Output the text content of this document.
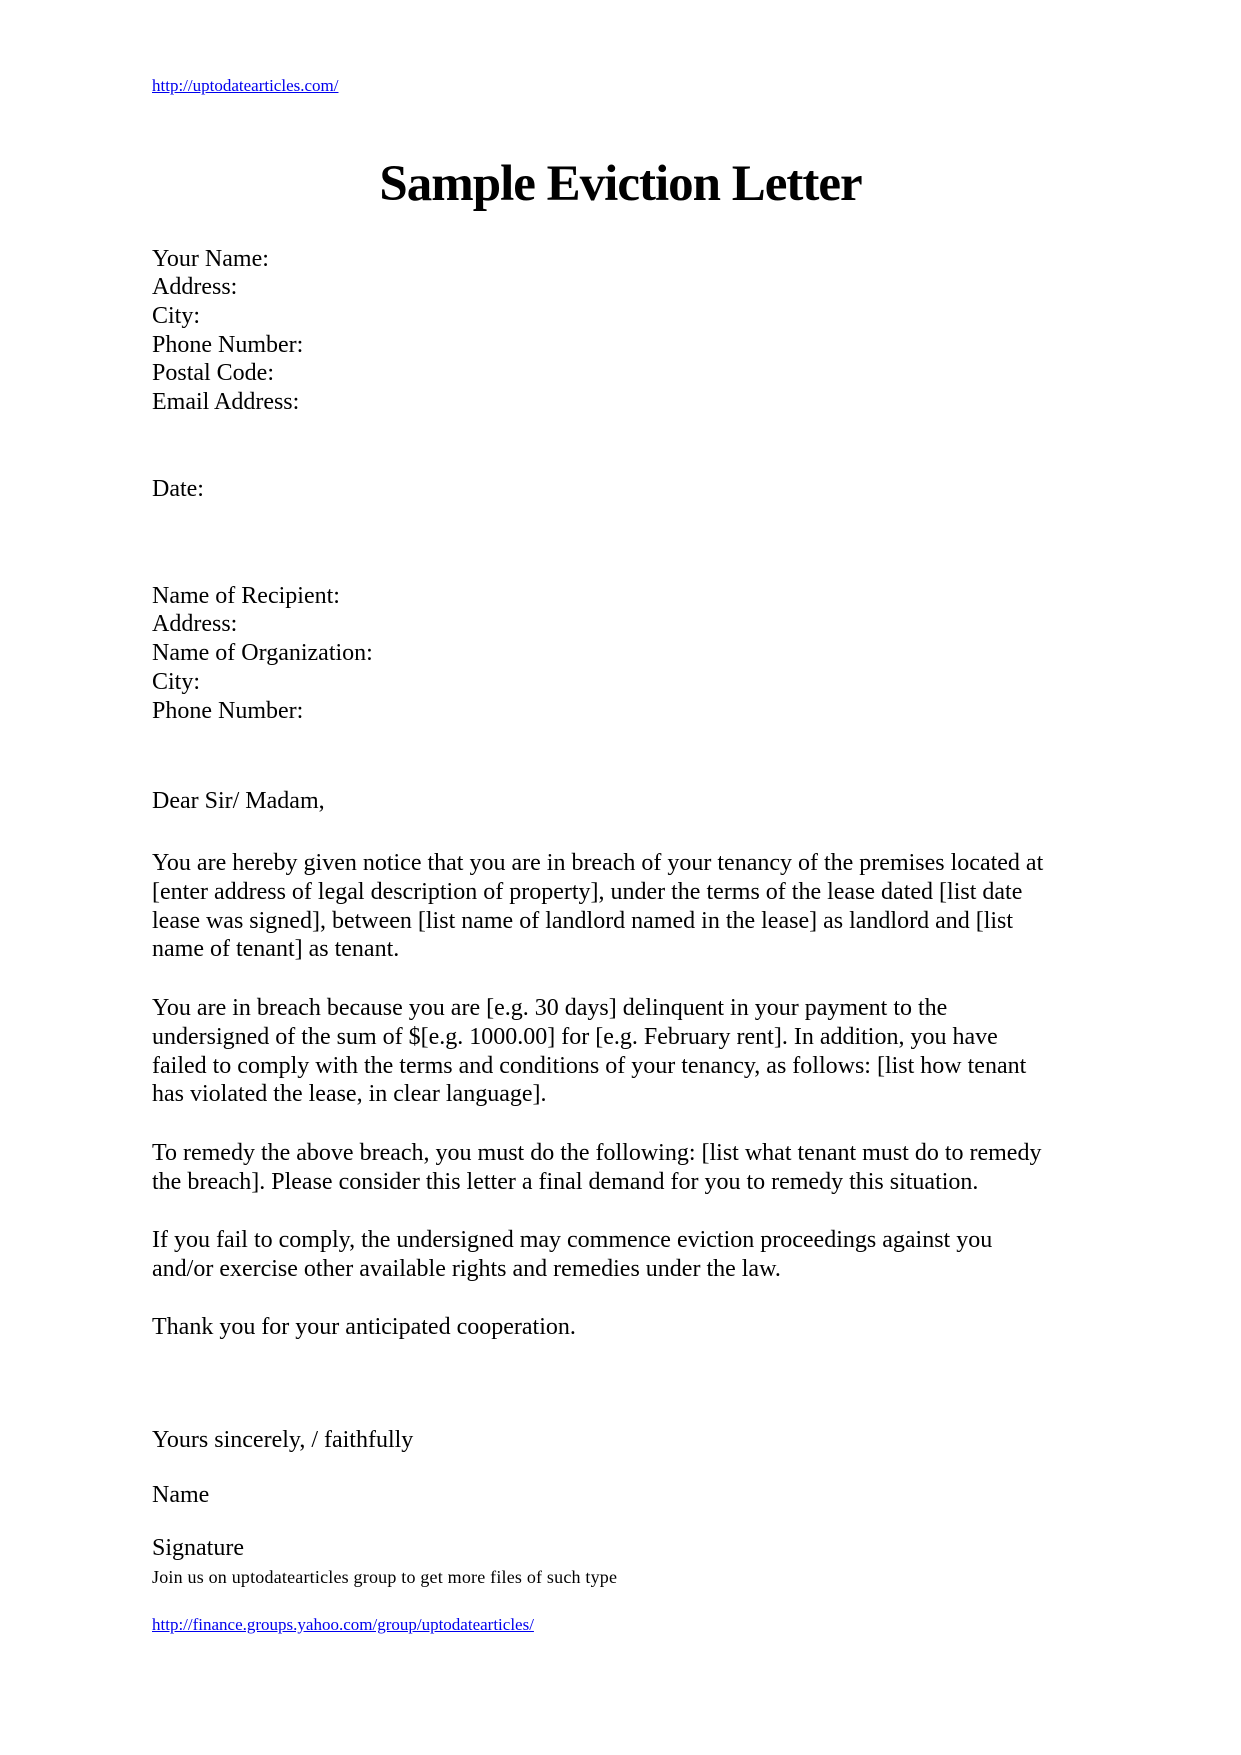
http://uptodatearticles.com/
Sample Eviction Letter
Your Name:
Address:
City:
Phone Number:
Postal Code:
Email Address:
Date:
Name of Recipient:
Address:
Name of Organization:
City:
Phone Number:
Dear Sir/ Madam,
You are hereby given notice that you are in breach of your tenancy of the premises located at
[enter address of legal description of property], under the terms of the lease dated [list date
lease was signed], between [list name of landlord named in the lease] as landlord and [list
name of tenant] as tenant.
You are in breach because you are [e.g. 30 days] delinquent in your payment to the
undersigned of the sum of $[e.g. 1000.00] for [e.g. February rent]. In addition, you have
failed to comply with the terms and conditions of your tenancy, as follows: [list how tenant
has violated the lease, in clear language].
To remedy the above breach, you must do the following: [list what tenant must do to remedy
the breach]. Please consider this letter a final demand for you to remedy this situation.
If you fail to comply, the undersigned may commence eviction proceedings against you
and/or exercise other available rights and remedies under the law.
Thank you for your anticipated cooperation.
Yours sincerely, / faithfully
Name
Signature
Join us on uptodatearticles group to get more files of such type
http://finance.groups.yahoo.com/group/uptodatearticles/
